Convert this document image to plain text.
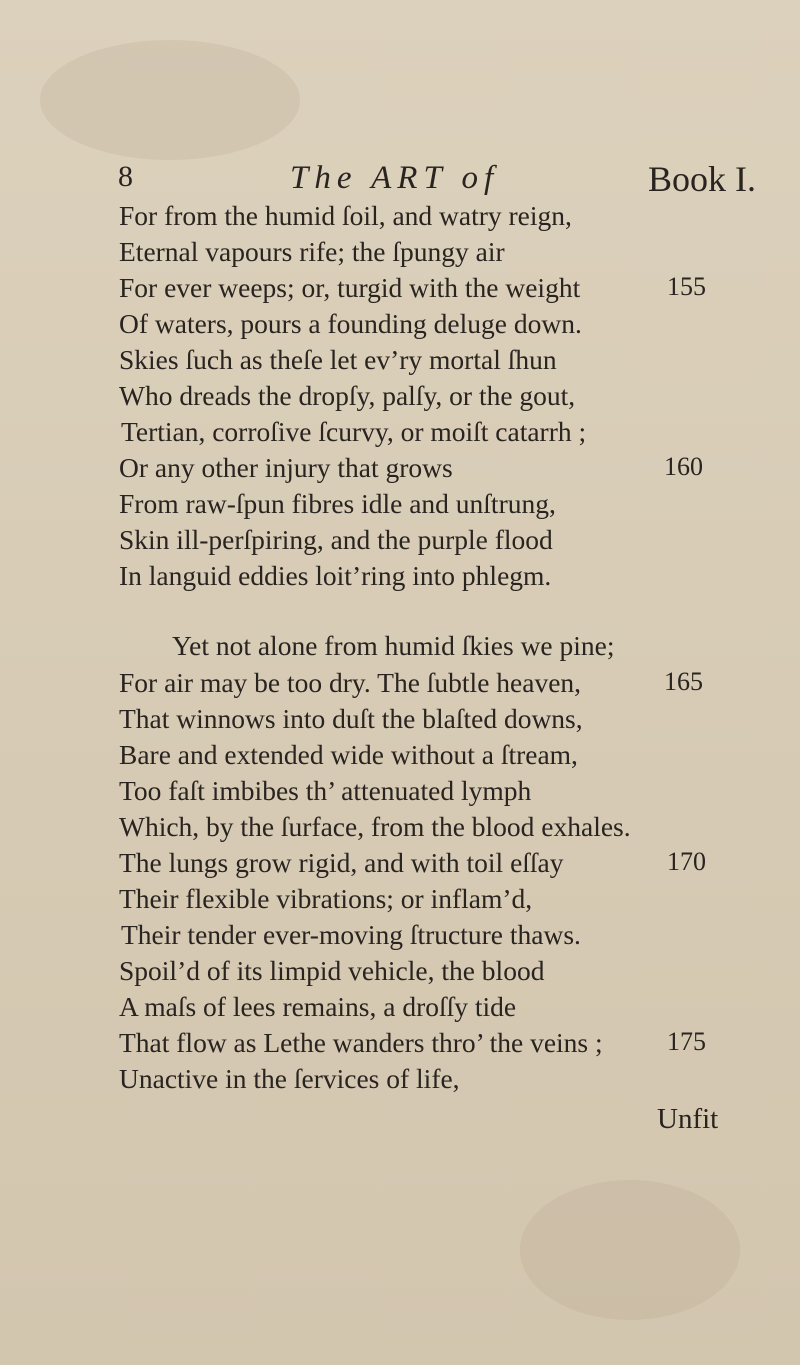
8	The ART of	Book I.
For from the humid ſoil, and watry reign,
Eternal vapours rife; the ſpungy air
For ever weeps; or, turgid with the weight	155
Of waters, pours a founding deluge down.
Skies ſuch as theſe let ev’ry mortal ſhun
Who dreads the dropſy, palſy, or the gout,
Tertian, corroſive ſcurvy, or moiſt catarrh ;
Or any other injury that grows	160
From raw-ſpun fibres idle and unſtrung,
Skin ill-perſpiring, and the purple flood
In languid eddies loit’ring into phlegm.
Yet not alone from humid ſkies we pine;
For air may be too dry. The ſubtle heaven,	165
That winnows into duſt the blaſted downs,
Bare and extended wide without a ſtream,
Too faſt imbibes th’ attenuated lymph
Which, by the ſurface, from the blood exhales.
The lungs grow rigid, and with toil eſſay	170
Their flexible vibrations; or inflam’d,
Their tender ever-moving ſtructure thaws.
Spoil’d of its limpid vehicle, the blood
A maſs of lees remains, a droſſy tide
That flow as Lethe wanders thro’ the veins ; 175
Unactive in the ſervices of life,
Unfit
